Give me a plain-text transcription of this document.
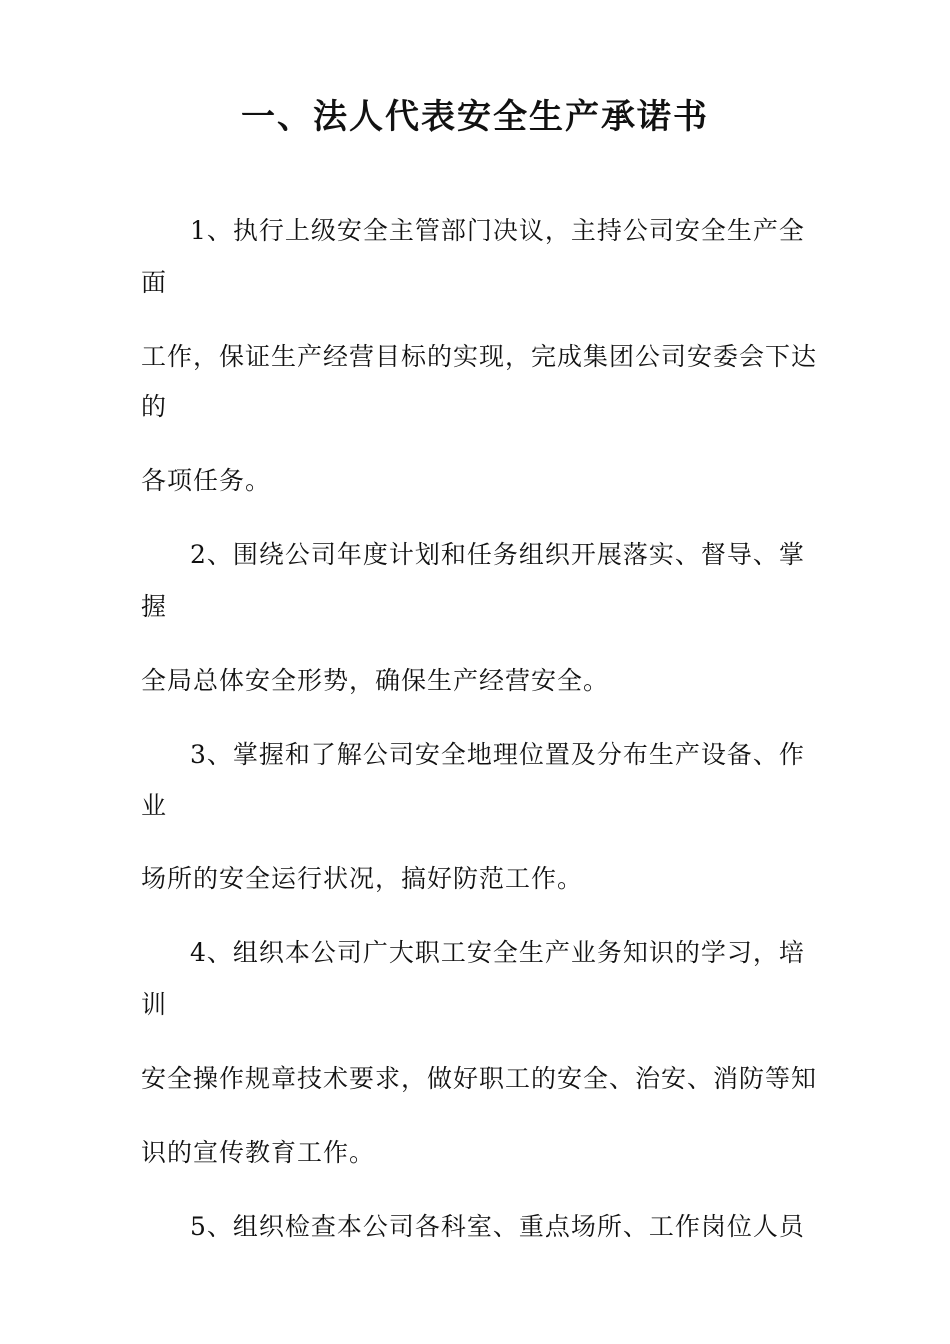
一、法人代表安全生产承诺书
1、执行上级安全主管部门决议，主持公司安全生产全
面
工作，保证生产经营目标的实现，完成集团公司安委会下达
的
各项任务。
2、围绕公司年度计划和任务组织开展落实、督导、掌
握
全局总体安全形势，确保生产经营安全。
3、掌握和了解公司安全地理位置及分布生产设备、作
业
场所的安全运行状况，搞好防范工作。
4、组织本公司广大职工安全生产业务知识的学习，培
训
安全操作规章技术要求，做好职工的安全、治安、消防等知
识的宣传教育工作。
5、组织检查本公司各科室、重点场所、工作岗位人员
